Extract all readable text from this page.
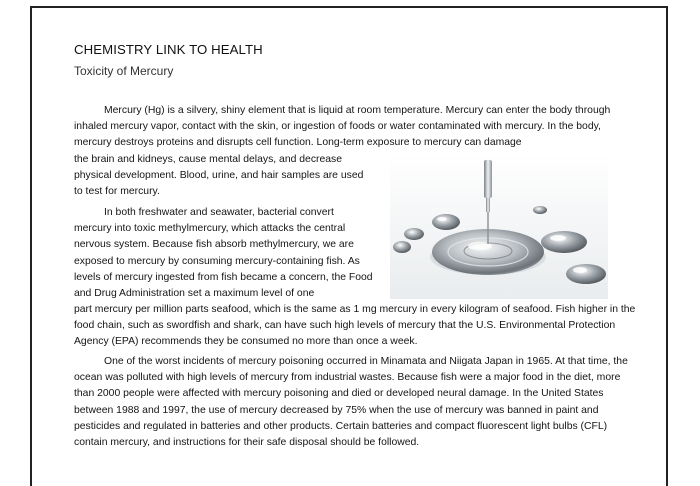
CHEMISTRY LINK TO HEALTH
Toxicity of Mercury

Mercury (Hg) is a silvery, shiny element that is liquid at room temperature. Mercury can enter the body through inhaled mercury vapor, contact with the skin, or ingestion of foods or water contaminated with mercury. In the body, mercury destroys proteins and disrupts cell function. Long-term exposure to mercury can damage

the brain and kidneys, cause mental delays, and decrease physical development. Blood, urine, and hair samples are used to test for mercury.

In both freshwater and seawater, bacterial convert mercury into toxic methylmercury, which attacks the central nervous system. Because fish absorb methylmercury, we are exposed to mercury by consuming mercury-containing fish. As levels of mercury ingested from fish became a concern, the Food and Drug Administration set a maximum level of one

part mercury per million parts seafood, which is the same as 1 mg mercury in every kilogram of seafood. Fish higher in the food chain, such as swordfish and shark, can have such high levels of mercury that the U.S. Environmental Protection Agency (EPA) recommends they be consumed no more than once a week.

One of the worst incidents of mercury poisoning occurred in Minamata and Niigata Japan in 1965. At that time, the ocean was polluted with high levels of mercury from industrial wastes. Because fish were a major food in the diet, more than 2000 people were affected with mercury poisoning and died or developed neural damage. In the United States between 1988 and 1997, the use of mercury decreased by 75% when the use of mercury was banned in paint and pesticides and regulated in batteries and other products. Certain batteries and compact fluorescent light bulbs (CFL) contain mercury, and instructions for their safe disposal should be followed.
